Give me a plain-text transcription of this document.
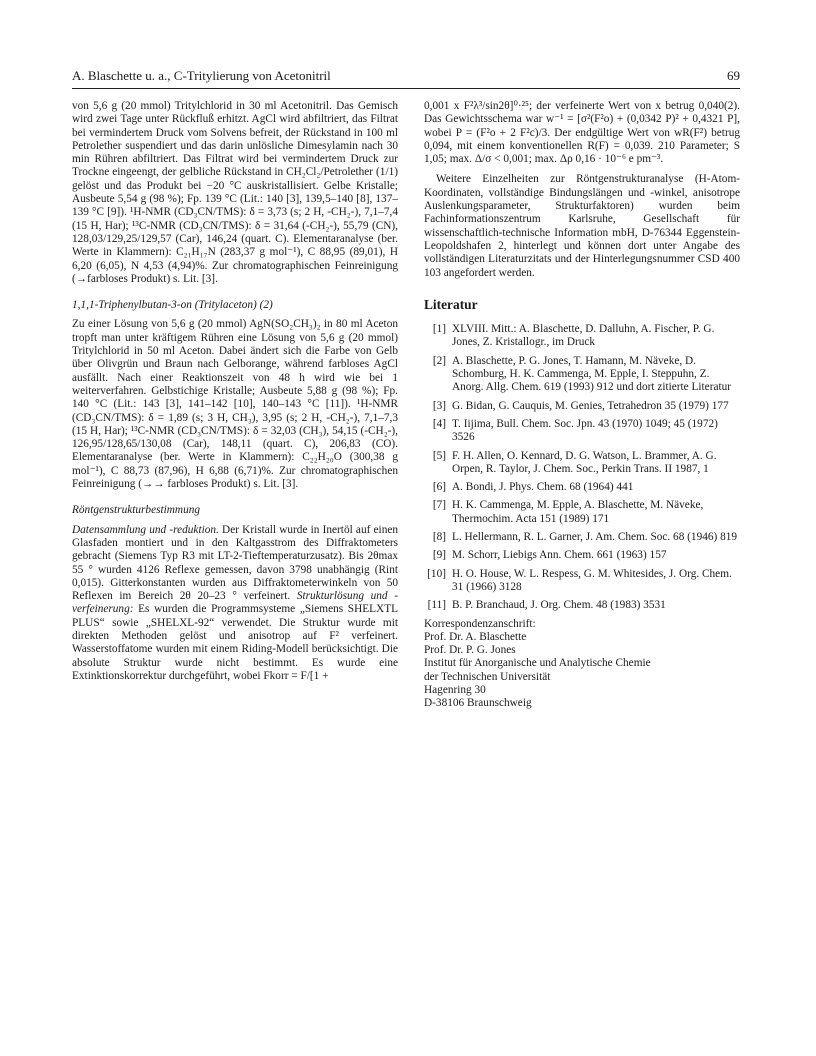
A. Blaschette u. a., C-Tritylierung von Acetonitril	69

von 5,6 g (20 mmol) Tritylchlorid in 30 ml Acetonitril. Das Gemisch wird zwei Tage unter Rückfluß erhitzt. AgCl wird abfiltriert, das Filtrat bei vermindertem Druck vom Solvens befreit, der Rückstand in 100 ml Petrolether suspendiert und das darin unlösliche Dimesylamin nach 30 min Rühren abfiltriert. Das Filtrat wird bei vermindertem Druck zur Trockne eingeengt, der gelbliche Rückstand in CH₂Cl₂/Petrolether (1/1) gelöst und das Produkt bei −20 °C auskristallisiert. Gelbe Kristalle; Ausbeute 5,54 g (98 %); Fp. 139 °C (Lit.: 140 [3], 139,5–140 [8], 137–139 °C [9]). ¹H-NMR (CD₃CN/TMS): δ = 3,73 (s; 2 H, -CH₂-), 7,1–7,4 (15 H, Har); ¹³C-NMR (CD₃CN/TMS): δ = 31,64 (-CH₂-), 55,79 (CN), 128,03/129,25/129,57 (Car), 146,24 (quart. C). Elementaranalyse (ber. Werte in Klammern): C₂₁H₁₇N (283,37 g mol⁻¹), C 88,95 (89,01), H 6,20 (6,05), N 4,53 (4,94)%. Zur chromatographischen Feinreinigung (→farbloses Produkt) s. Lit. [3].

1,1,1-Triphenylbutan-3-on (Tritylaceton) (2)

Zu einer Lösung von 5,6 g (20 mmol) AgN(SO₂CH₃)₂ in 80 ml Aceton tropft man unter kräftigem Rühren eine Lösung von 5,6 g (20 mmol) Tritylchlorid in 50 ml Aceton. Dabei ändert sich die Farbe von Gelb über Olivgrün und Braun nach Gelborange, während farbloses AgCl ausfällt. Nach einer Reaktionszeit von 48 h wird wie bei 1 weiterverfahren. Gelbstichige Kristalle; Ausbeute 5,88 g (98 %); Fp. 140 °C (Lit.: 143 [3], 141–142 [10], 140–143 °C [11]). ¹H-NMR (CD₃CN/TMS): δ = 1,89 (s; 3 H, CH₃), 3,95 (s; 2 H, -CH₂-), 7,1–7,3 (15 H, Har); ¹³C-NMR (CD₃CN/TMS): δ = 32,03 (CH₃), 54,15 (-CH₂-), 126,95/128,65/130,08 (Car), 148,11 (quart. C), 206,83 (CO). Elementaranalyse (ber. Werte in Klammern): C₂₂H₂₀O (300,38 g mol⁻¹), C 88,73 (87,96), H 6,88 (6,71)%. Zur chromatographischen Feinreinigung (→→ farbloses Produkt) s. Lit. [3].

Röntgenstrukturbestimmung

Datensammlung und -reduktion. Der Kristall wurde in Inertöl auf einen Glasfaden montiert und in den Kaltgasstrom des Diffraktometers gebracht (Siemens Typ R3 mit LT-2-Tieftemperaturzusatz). Bis 2θmax 55 ° wurden 4126 Reflexe gemessen, davon 3798 unabhängig (Rint 0,015). Gitterkonstanten wurden aus Diffraktometerwinkeln von 50 Reflexen im Bereich 2θ 20–23 ° verfeinert. Strukturlösung und -verfeinerung: Es wurden die Programmsysteme „Siemens SHELXTL PLUS“ sowie „SHELXL-92“ verwendet. Die Struktur wurde mit direkten Methoden gelöst und anisotrop auf F² verfeinert. Wasserstoffatome wurden mit einem Riding-Modell berücksichtigt. Die absolute Struktur wurde nicht bestimmt. Es wurde eine Extinktionskorrektur durchgeführt, wobei Fkorr = F/[1 +

0,001 x F²λ³/sin2θ]⁰·²⁵; der verfeinerte Wert von x betrug 0,040(2). Das Gewichtsschema war w⁻¹ = [σ²(F²o) + (0,0342 P)² + 0,4321 P], wobei P = (F²o + 2 F²c)/3. Der endgültige Wert von wR(F²) betrug 0,094, mit einem konventionellen R(F) = 0,039. 210 Parameter; S 1,05; max. Δ/σ < 0,001; max. Δρ 0,16 · 10⁻⁶ e pm⁻³.

Weitere Einzelheiten zur Röntgenstrukturanalyse (H-Atom-Koordinaten, vollständige Bindungslängen und -winkel, anisotrope Auslenkungsparameter, Strukturfaktoren) wurden beim Fachinformationszentrum Karlsruhe, Gesellschaft für wissenschaftlich-technische Information mbH, D-76344 Eggenstein-Leopoldshafen 2, hinterlegt und können dort unter Angabe des vollständigen Literaturzitats und der Hinterlegungsnummer CSD 400 103 angefordert werden.

Literatur
[1] XLVIII. Mitt.: A. Blaschette, D. Dalluhn, A. Fischer, P. G. Jones, Z. Kristallogr., im Druck
[2] A. Blaschette, P. G. Jones, T. Hamann, M. Näveke, D. Schomburg, H. K. Cammenga, M. Epple, I. Steppuhn, Z. Anorg. Allg. Chem. 619 (1993) 912 und dort zitierte Literatur
[3] G. Bidan, G. Cauquis, M. Genies, Tetrahedron 35 (1979) 177
[4] T. Iijima, Bull. Chem. Soc. Jpn. 43 (1970) 1049; 45 (1972) 3526
[5] F. H. Allen, O. Kennard, D. G. Watson, L. Brammer, A. G. Orpen, R. Taylor, J. Chem. Soc., Perkin Trans. II 1987, 1
[6] A. Bondi, J. Phys. Chem. 68 (1964) 441
[7] H. K. Cammenga, M. Epple, A. Blaschette, M. Näveke, Thermochim. Acta 151 (1989) 171
[8] L. Hellermann, R. L. Garner, J. Am. Chem. Soc. 68 (1946) 819
[9] M. Schorr, Liebigs Ann. Chem. 661 (1963) 157
[10] H. O. House, W. L. Respess, G. M. Whitesides, J. Org. Chem. 31 (1966) 3128
[11] B. P. Branchaud, J. Org. Chem. 48 (1983) 3531

Korrespondenzanschrift:

Prof. Dr. A. Blaschette

Prof. Dr. P. G. Jones

Institut für Anorganische und Analytische Chemie

der Technischen Universität

Hagenring 30

D-38106 Braunschweig
